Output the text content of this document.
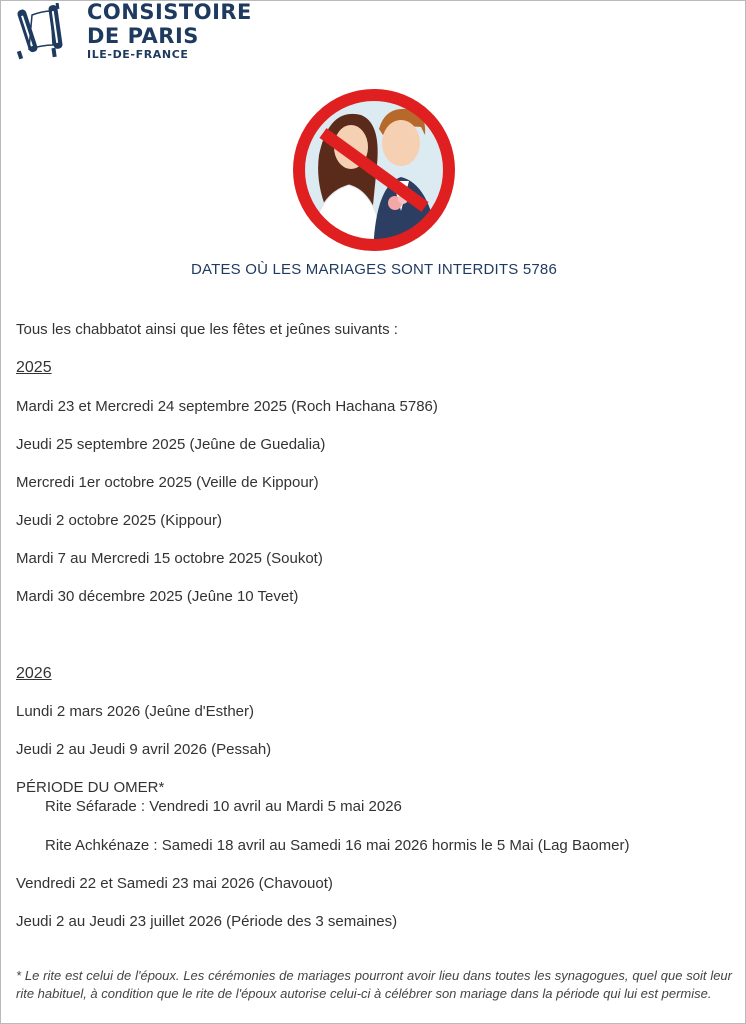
CONSISTOIRE
DE PARIS
ILE-DE-FRANCE
DATES OÙ LES MARIAGES SONT INTERDITS 5786
Tous les chabbatot ainsi que les fêtes et jeûnes suivants :
2025
Mardi 23 et Mercredi 24 septembre 2025 (Roch Hachana 5786)
Jeudi 25 septembre 2025 (Jeûne de Guedalia)
Mercredi 1er octobre 2025 (Veille de Kippour)
Jeudi 2 octobre 2025 (Kippour)
Mardi 7 au Mercredi 15 octobre 2025 (Soukot)
Mardi 30 décembre 2025 (Jeûne 10 Tevet)
2026
Lundi 2 mars 2026 (Jeûne d'Esther)
Jeudi 2 au Jeudi 9 avril 2026 (Pessah)
PÉRIODE DU OMER*
Rite Séfarade : Vendredi 10 avril au Mardi 5 mai 2026
Rite Achkénaze : Samedi 18 avril au Samedi 16 mai 2026 hormis le 5 Mai (Lag Baomer)
Vendredi 22 et Samedi 23 mai 2026 (Chavouot)
Jeudi 2 au Jeudi 23 juillet 2026 (Période des 3 semaines)
* Le rite est celui de l'époux. Les cérémonies de mariages pourront avoir lieu dans toutes les synagogues, quel que soit leur rite habituel, à condition que le rite de l'époux autorise celui-ci à célébrer son mariage dans la période qui lui est permise.
